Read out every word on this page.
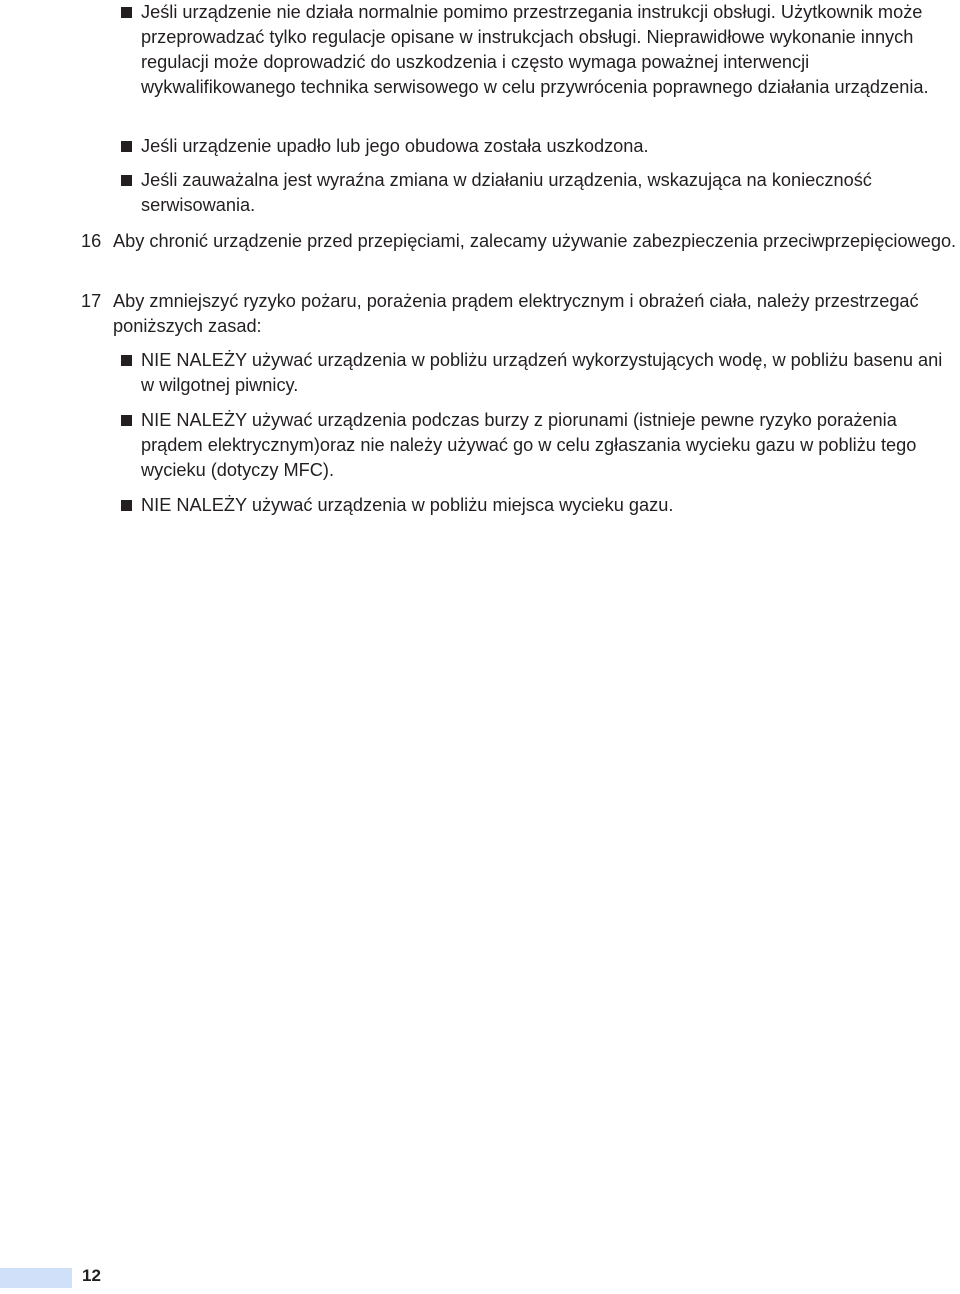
Jeśli urządzenie nie działa normalnie pomimo przestrzegania instrukcji obsługi. Użytkownik może przeprowadzać tylko regulacje opisane w instrukcjach obsługi. Nieprawidłowe wykonanie innych regulacji może doprowadzić do uszkodzenia i często wymaga poważnej interwencji wykwalifikowanego technika serwisowego w celu przywrócenia poprawnego działania urządzenia.
Jeśli urządzenie upadło lub jego obudowa została uszkodzona.
Jeśli zauważalna jest wyraźna zmiana w działaniu urządzenia, wskazująca na konieczność serwisowania.
16 Aby chronić urządzenie przed przepięciami, zalecamy używanie zabezpieczenia przeciwprzepięciowego.
17 Aby zmniejszyć ryzyko pożaru, porażenia prądem elektrycznym i obrażeń ciała, należy przestrzegać poniższych zasad:
NIE NALEŻY używać urządzenia w pobliżu urządzeń wykorzystujących wodę, w pobliżu basenu ani w wilgotnej piwnicy.
NIE NALEŻY używać urządzenia podczas burzy z piorunami (istnieje pewne ryzyko porażenia prądem elektrycznym)oraz nie należy używać go w celu zgłaszania wycieku gazu w pobliżu tego wycieku (dotyczy MFC).
NIE NALEŻY używać urządzenia w pobliżu miejsca wycieku gazu.
12
